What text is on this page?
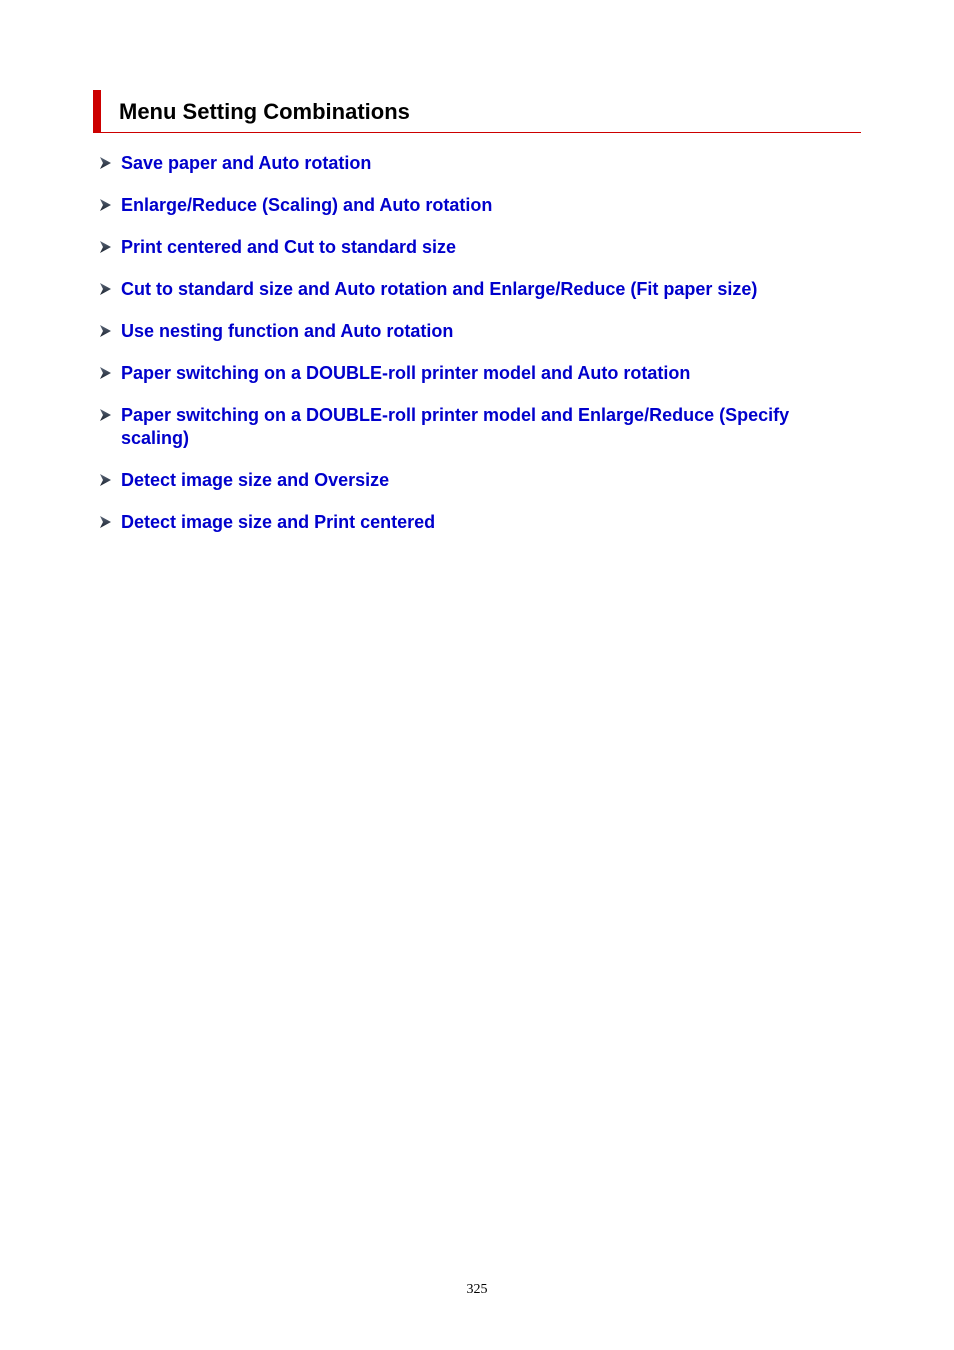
Menu Setting Combinations
Save paper and Auto rotation
Enlarge/Reduce (Scaling) and Auto rotation
Print centered and Cut to standard size
Cut to standard size and Auto rotation and Enlarge/Reduce (Fit paper size)
Use nesting function and Auto rotation
Paper switching on a DOUBLE-roll printer model and Auto rotation
Paper switching on a DOUBLE-roll printer model and Enlarge/Reduce (Specify scaling)
Detect image size and Oversize
Detect image size and Print centered
325
